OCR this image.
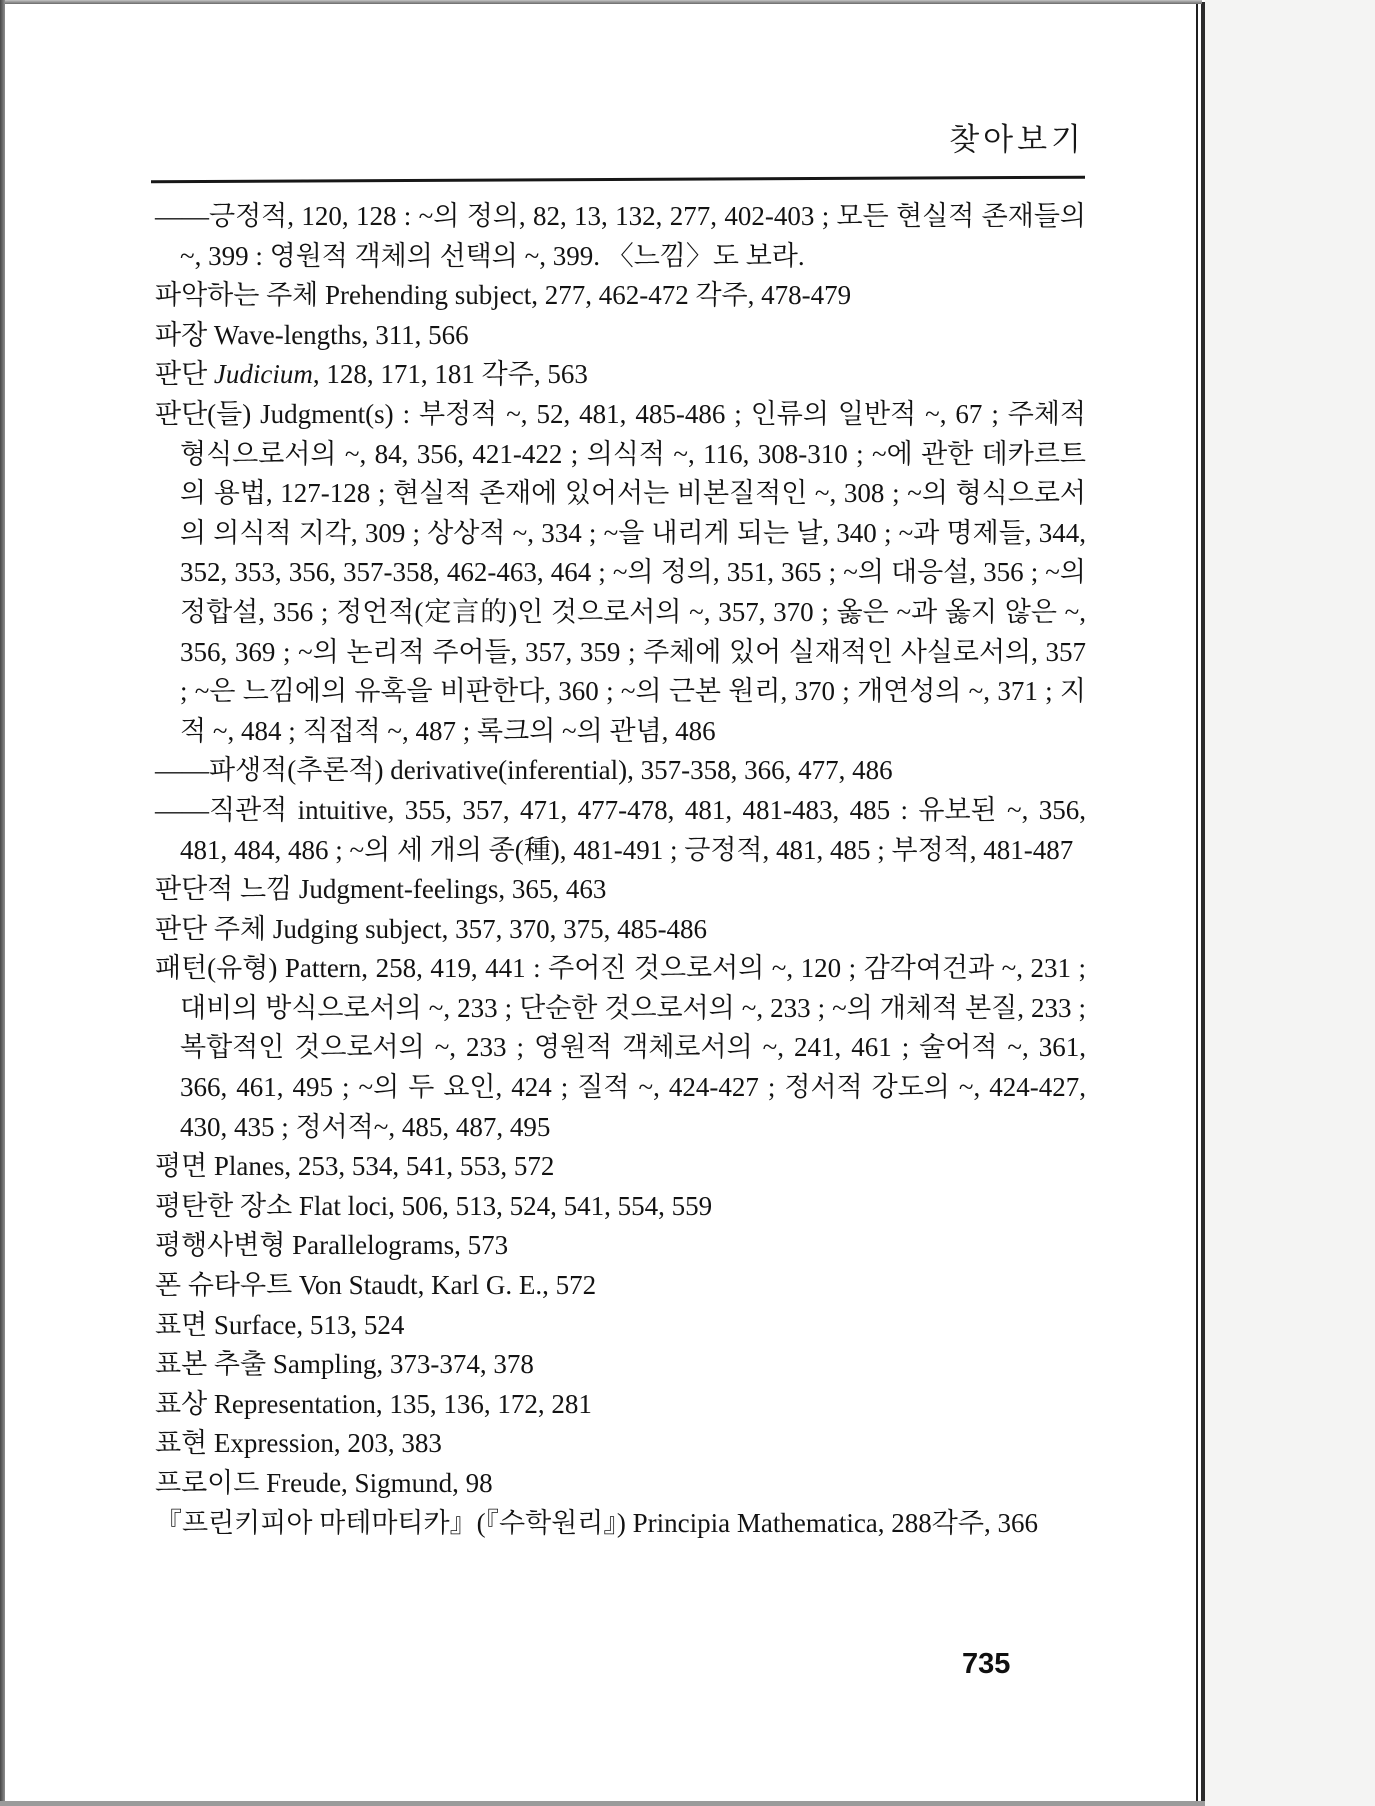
찾아보기

——긍정적, 120, 128 : ~의 정의, 82, 13, 132, 277, 402-403 ; 모든 현실적 존재들의 ~, 399 : 영원적 객체의 선택의 ~, 399. 〈느낌〉도 보라.

파악하는 주체 Prehending subject, 277, 462-472 각주, 478-479

파장 Wave-lengths, 311, 566

판단 Judicium, 128, 171, 181 각주, 563

판단(들) Judgment(s) : 부정적 ~, 52, 481, 485-486 ; 인류의 일반적 ~, 67 ; 주체적 형식으로서의 ~, 84, 356, 421-422 ; 의식적 ~, 116, 308-310 ; ~에 관한 데카르트의 용법, 127-128 ; 현실적 존재에 있어서는 비본질적인 ~, 308 ; ~의 형식으로서의 의식적 지각, 309 ; 상상적 ~, 334 ; ~을 내리게 되는 날, 340 ; ~과 명제들, 344, 352, 353, 356, 357-358, 462-463, 464 ; ~의 정의, 351, 365 ; ~의 대응설, 356 ; ~의 정합설, 356 ; 정언적(定言的)인 것으로서의 ~, 357, 370 ; 옳은 ~과 옳지 않은 ~, 356, 369 ; ~의 논리적 주어들, 357, 359 ; 주체에 있어 실재적인 사실로서의, 357 ; ~은 느낌에의 유혹을 비판한다, 360 ; ~의 근본 원리, 370 ; 개연성의 ~, 371 ; 지적 ~, 484 ; 직접적 ~, 487 ; 록크의 ~의 관념, 486

——파생적(추론적) derivative(inferential), 357-358, 366, 477, 486

——직관적 intuitive, 355, 357, 471, 477-478, 481, 481-483, 485 : 유보된 ~, 356, 481, 484, 486 ; ~의 세 개의 종(種), 481-491 ; 긍정적, 481, 485 ; 부정적, 481-487

판단적 느낌 Judgment-feelings, 365, 463

판단 주체 Judging subject, 357, 370, 375, 485-486

패턴(유형) Pattern, 258, 419, 441 : 주어진 것으로서의 ~, 120 ; 감각여건과 ~, 231 ; 대비의 방식으로서의 ~, 233 ; 단순한 것으로서의 ~, 233 ; ~의 개체적 본질, 233 ; 복합적인 것으로서의 ~, 233 ; 영원적 객체로서의 ~, 241, 461 ; 술어적 ~, 361, 366, 461, 495 ; ~의 두 요인, 424 ; 질적 ~, 424-427 ; 정서적 강도의 ~, 424-427, 430, 435 ; 정서적~, 485, 487, 495

평면 Planes, 253, 534, 541, 553, 572

평탄한 장소 Flat loci, 506, 513, 524, 541, 554, 559

평행사변형 Parallelograms, 573

폰 슈타우트 Von Staudt, Karl G. E., 572

표면 Surface, 513, 524

표본 추출 Sampling, 373-374, 378

표상 Representation, 135, 136, 172, 281

표현 Expression, 203, 383

프로이드 Freude, Sigmund, 98

『프린키피아 마테마티카』(『수학원리』) Principia Mathematica, 288각주, 366

735
